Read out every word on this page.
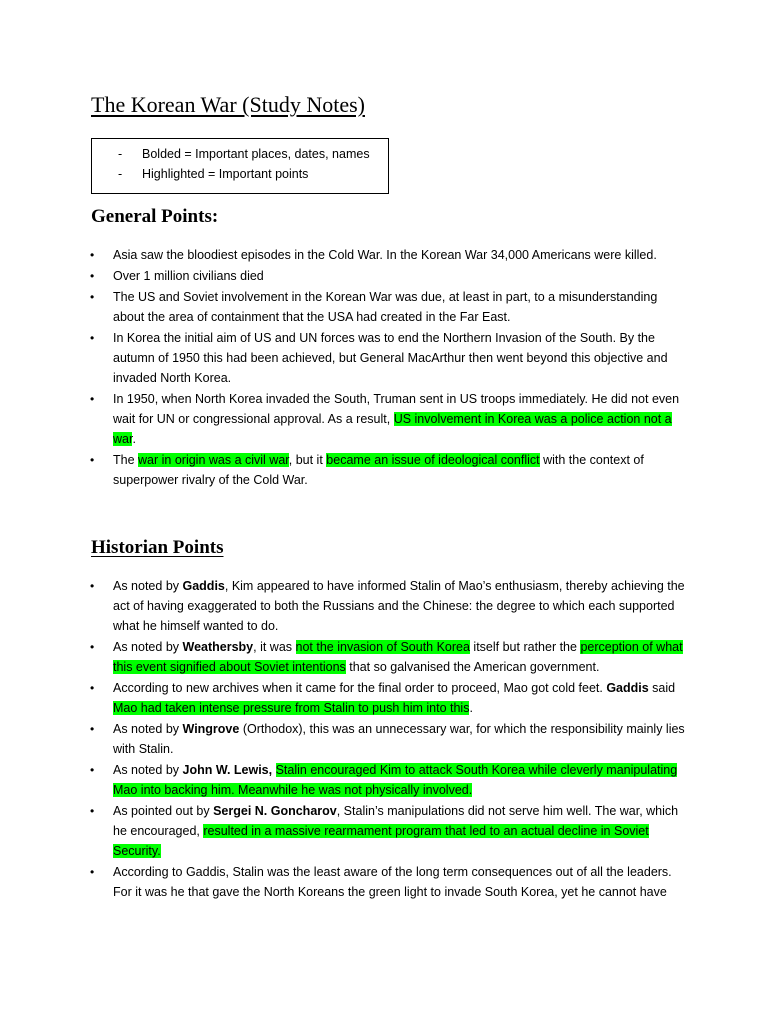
The Korean War (Study Notes)
- Bolded = Important places, dates, names
- Highlighted = Important points
General Points:
• Asia saw the bloodiest episodes in the Cold War. In the Korean War 34,000 Americans were killed.
• Over 1 million civilians died
• The US and Soviet involvement in the Korean War was due, at least in part, to a misunderstanding about the area of containment that the USA had created in the Far East.
• In Korea the initial aim of US and UN forces was to end the Northern Invasion of the South. By the autumn of 1950 this had been achieved, but General MacArthur then went beyond this objective and invaded North Korea.
• In 1950, when North Korea invaded the South, Truman sent in US troops immediately. He did not even wait for UN or congressional approval. As a result, US involvement in Korea was a police action not a war.
• The war in origin was a civil war, but it became an issue of ideological conflict with the context of superpower rivalry of the Cold War.
Historian Points
• As noted by Gaddis, Kim appeared to have informed Stalin of Mao’s enthusiasm, thereby achieving the act of having exaggerated to both the Russians and the Chinese: the degree to which each supported what he himself wanted to do.
• As noted by Weathersby, it was not the invasion of South Korea itself but rather the perception of what this event signified about Soviet intentions that so galvanised the American government.
• According to new archives when it came for the final order to proceed, Mao got cold feet. Gaddis said Mao had taken intense pressure from Stalin to push him into this.
• As noted by Wingrove (Orthodox), this was an unnecessary war, for which the responsibility mainly lies with Stalin.
• As noted by John W. Lewis, Stalin encouraged Kim to attack South Korea while cleverly manipulating Mao into backing him. Meanwhile he was not physically involved.
• As pointed out by Sergei N. Goncharov, Stalin’s manipulations did not serve him well. The war, which he encouraged, resulted in a massive rearmament program that led to an actual decline in Soviet Security.
• According to Gaddis, Stalin was the least aware of the long term consequences out of all the leaders. For it was he that gave the North Koreans the green light to invade South Korea, yet he cannot have
